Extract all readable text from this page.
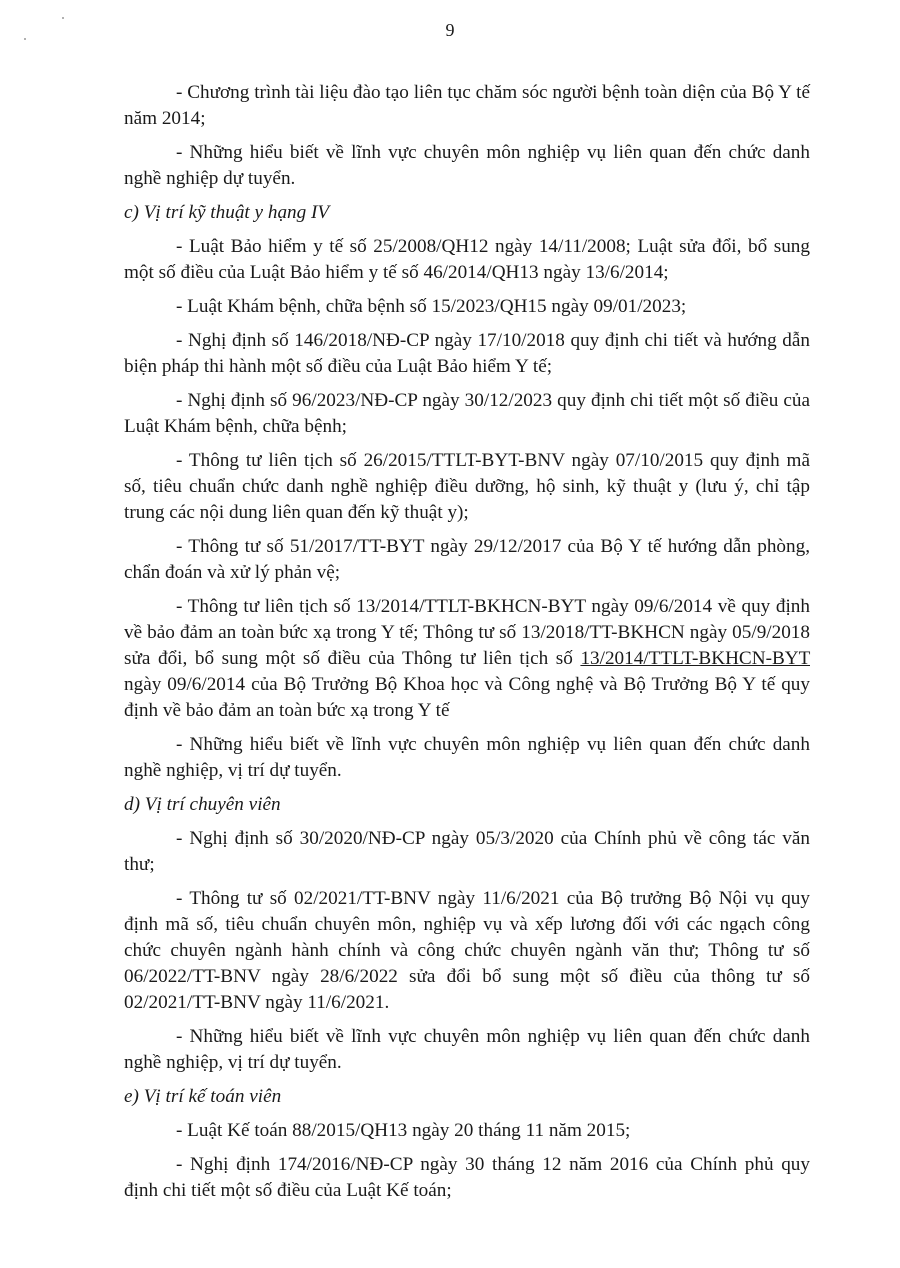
9

- Chương trình tài liệu đào tạo liên tục chăm sóc người bệnh toàn diện của Bộ Y tế năm 2014;

- Những hiểu biết về lĩnh vực chuyên môn nghiệp vụ liên quan đến chức danh nghề nghiệp dự tuyển.

c) Vị trí kỹ thuật y hạng IV

- Luật Bảo hiểm y tế số 25/2008/QH12 ngày 14/11/2008; Luật sửa đổi, bổ sung một số điều của Luật Bảo hiểm y tế số 46/2014/QH13 ngày 13/6/2014;

- Luật Khám bệnh, chữa bệnh số 15/2023/QH15 ngày 09/01/2023;

- Nghị định số 146/2018/NĐ-CP ngày 17/10/2018 quy định chi tiết và hướng dẫn biện pháp thi hành một số điều của Luật Bảo hiểm Y tế;

- Nghị định số 96/2023/NĐ-CP ngày 30/12/2023 quy định chi tiết một số điều của Luật Khám bệnh, chữa bệnh;

- Thông tư liên tịch số 26/2015/TTLT-BYT-BNV ngày 07/10/2015 quy định mã số, tiêu chuẩn chức danh nghề nghiệp điều dưỡng, hộ sinh, kỹ thuật y (lưu ý, chỉ tập trung các nội dung liên quan đến kỹ thuật y);

- Thông tư số 51/2017/TT-BYT ngày 29/12/2017 của Bộ Y tế hướng dẫn phòng, chẩn đoán và xử lý phản vệ;

- Thông tư liên tịch số 13/2014/TTLT-BKHCN-BYT ngày 09/6/2014 về quy định về bảo đảm an toàn bức xạ trong Y tế; Thông tư số 13/2018/TT-BKHCN ngày 05/9/2018 sửa đổi, bổ sung một số điều của Thông tư liên tịch số 13/2014/TTLT-BKHCN-BYT ngày 09/6/2014 của Bộ Trưởng Bộ Khoa học và Công nghệ và Bộ Trưởng Bộ Y tế quy định về bảo đảm an toàn bức xạ trong Y tế

- Những hiểu biết về lĩnh vực chuyên môn nghiệp vụ liên quan đến chức danh nghề nghiệp, vị trí dự tuyển.

d) Vị trí chuyên viên

- Nghị định số 30/2020/NĐ-CP ngày 05/3/2020 của Chính phủ về công tác văn thư;

- Thông tư số 02/2021/TT-BNV ngày 11/6/2021 của Bộ trưởng Bộ Nội vụ quy định mã số, tiêu chuẩn chuyên môn, nghiệp vụ và xếp lương đối với các ngạch công chức chuyên ngành hành chính và công chức chuyên ngành văn thư; Thông tư số 06/2022/TT-BNV ngày 28/6/2022 sửa đổi bổ sung một số điều của thông tư số 02/2021/TT-BNV ngày 11/6/2021.

- Những hiểu biết về lĩnh vực chuyên môn nghiệp vụ liên quan đến chức danh nghề nghiệp, vị trí dự tuyển.

e) Vị trí kế toán viên

- Luật Kế toán 88/2015/QH13 ngày 20 tháng 11 năm 2015;

- Nghị định 174/2016/NĐ-CP ngày 30 tháng 12 năm 2016 của Chính phủ quy định chi tiết một số điều của Luật Kế toán;
